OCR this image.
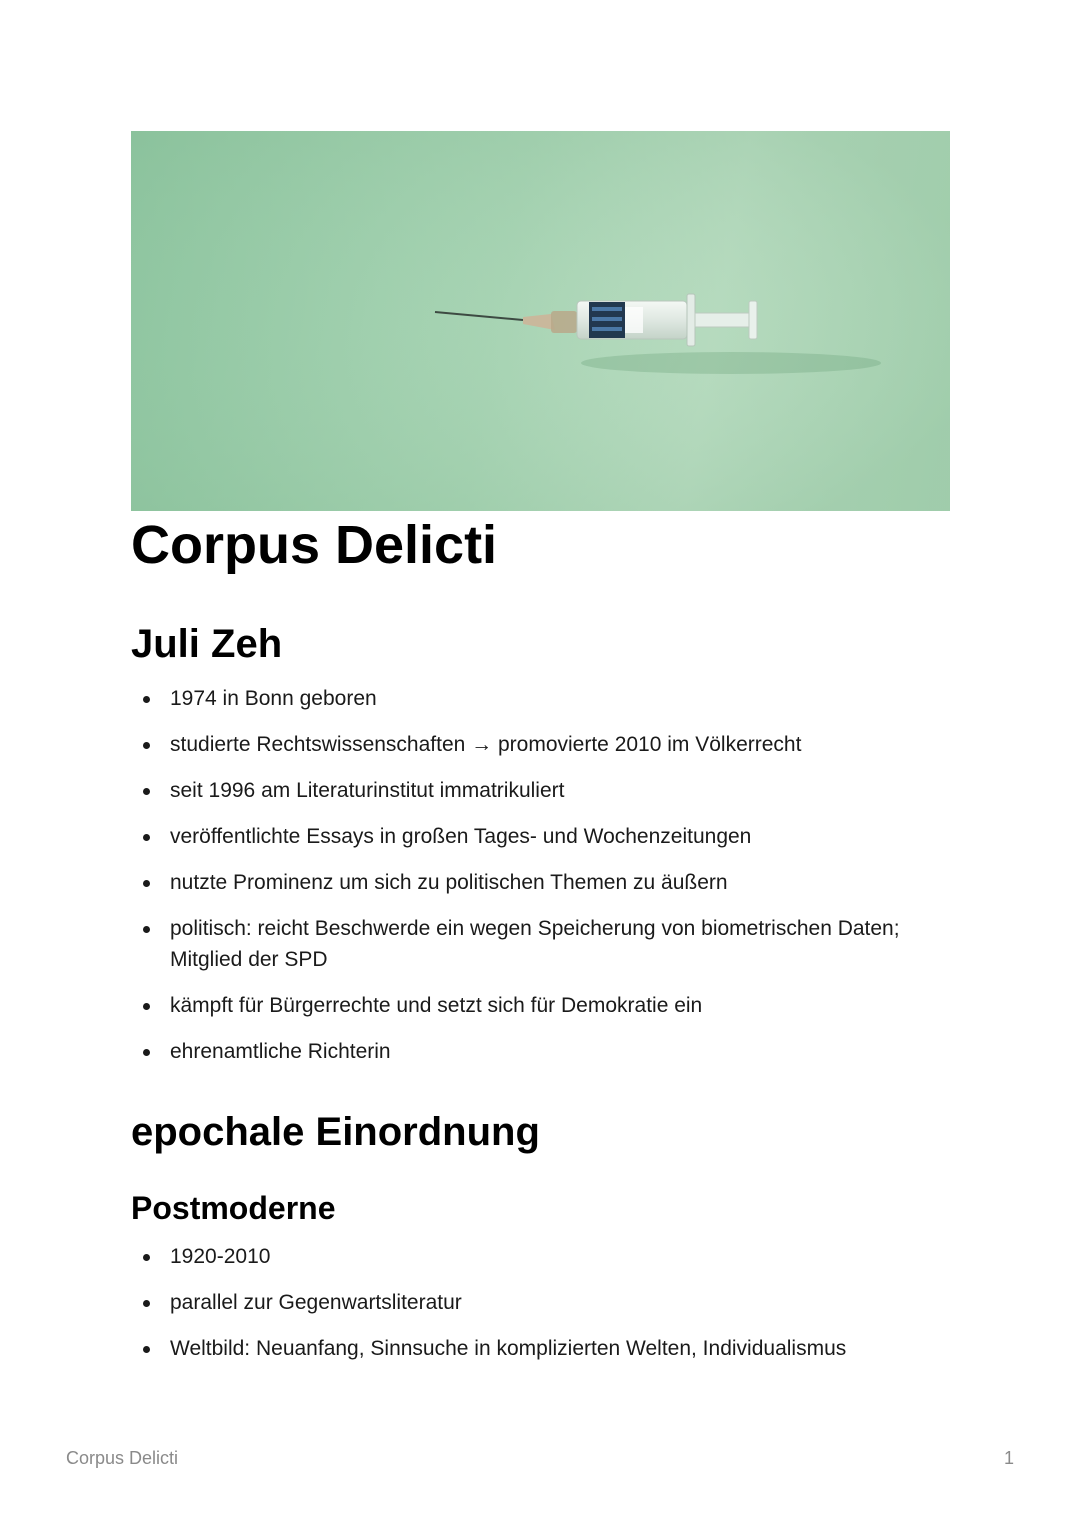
Corpus Delicti
Juli Zeh
1974 in Bonn geboren
studierte Rechtswissenschaften → promovierte 2010 im Völkerrecht
seit 1996 am Literaturinstitut immatrikuliert
veröffentlichte Essays in großen Tages- und Wochenzeitungen
nutzte Prominenz um sich zu politischen Themen zu äußern
politisch: reicht Beschwerde ein wegen Speicherung von biometrischen Daten; Mitglied der SPD
kämpft für Bürgerrechte und setzt sich für Demokratie ein
ehrenamtliche Richterin
epochale Einordnung
Postmoderne
1920-2010
parallel zur Gegenwartsliteratur
Weltbild: Neuanfang, Sinnsuche in komplizierten Welten, Individualismus
Corpus Delicti	1
